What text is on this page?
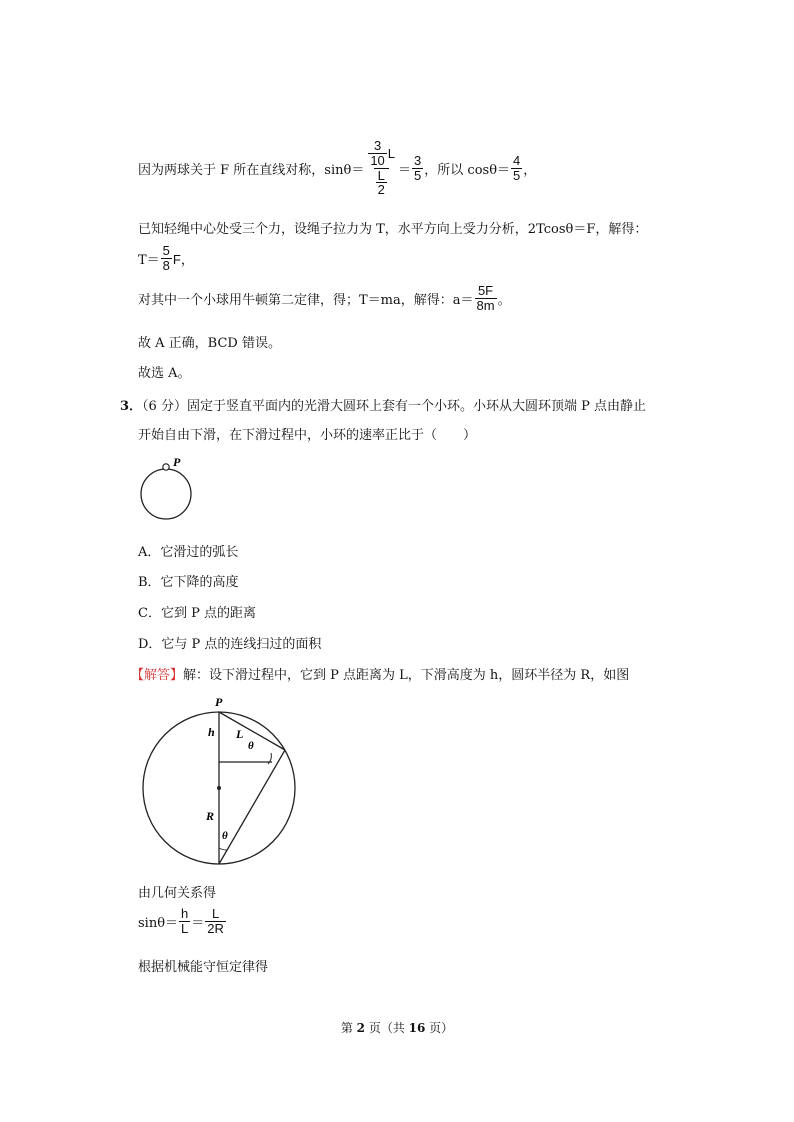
因为两球关于 F 所在直线对称，$\sin\theta= \frac{\frac{3}{10} L}{\frac{L}{2}} = \frac{3}{5}$ ，所以 $\cos\theta= \frac{4}{5}$ ，
已知轻绳中心处受三个力，设绳子拉力为 T，水平方向上受力分析，2Tcosθ＝F，解得：
$T= \frac{5}{8}$ F，
对其中一个小球用牛顿第二定律，得；T＝ma，解得：$a= \frac{5F}{8m}$ 。
故 A 正确，BCD 错误。
故选 A。
3．（6 分）固定于竖直平面内的光滑大圆环上套有一个小环。小环从大圆环顶端 P 点由静止
开始自由下滑，在下滑过程中，小环的速率正比于（　　）
P
A．它滑过的弧长
B．它下降的高度
C．它到 P 点的距离
D．它与 P 点的连线扫过的面积
【解答】解：设下滑过程中，它到 P 点距离为 L，下滑高度为 h，圆环半径为 R，如图
P
h L
θ
R
θ
由几何关系得
$\sin\theta= \frac{h}{L} = \frac{L}{2R}$
根据机械能守恒定律得
第 2 页（共 16 页）
